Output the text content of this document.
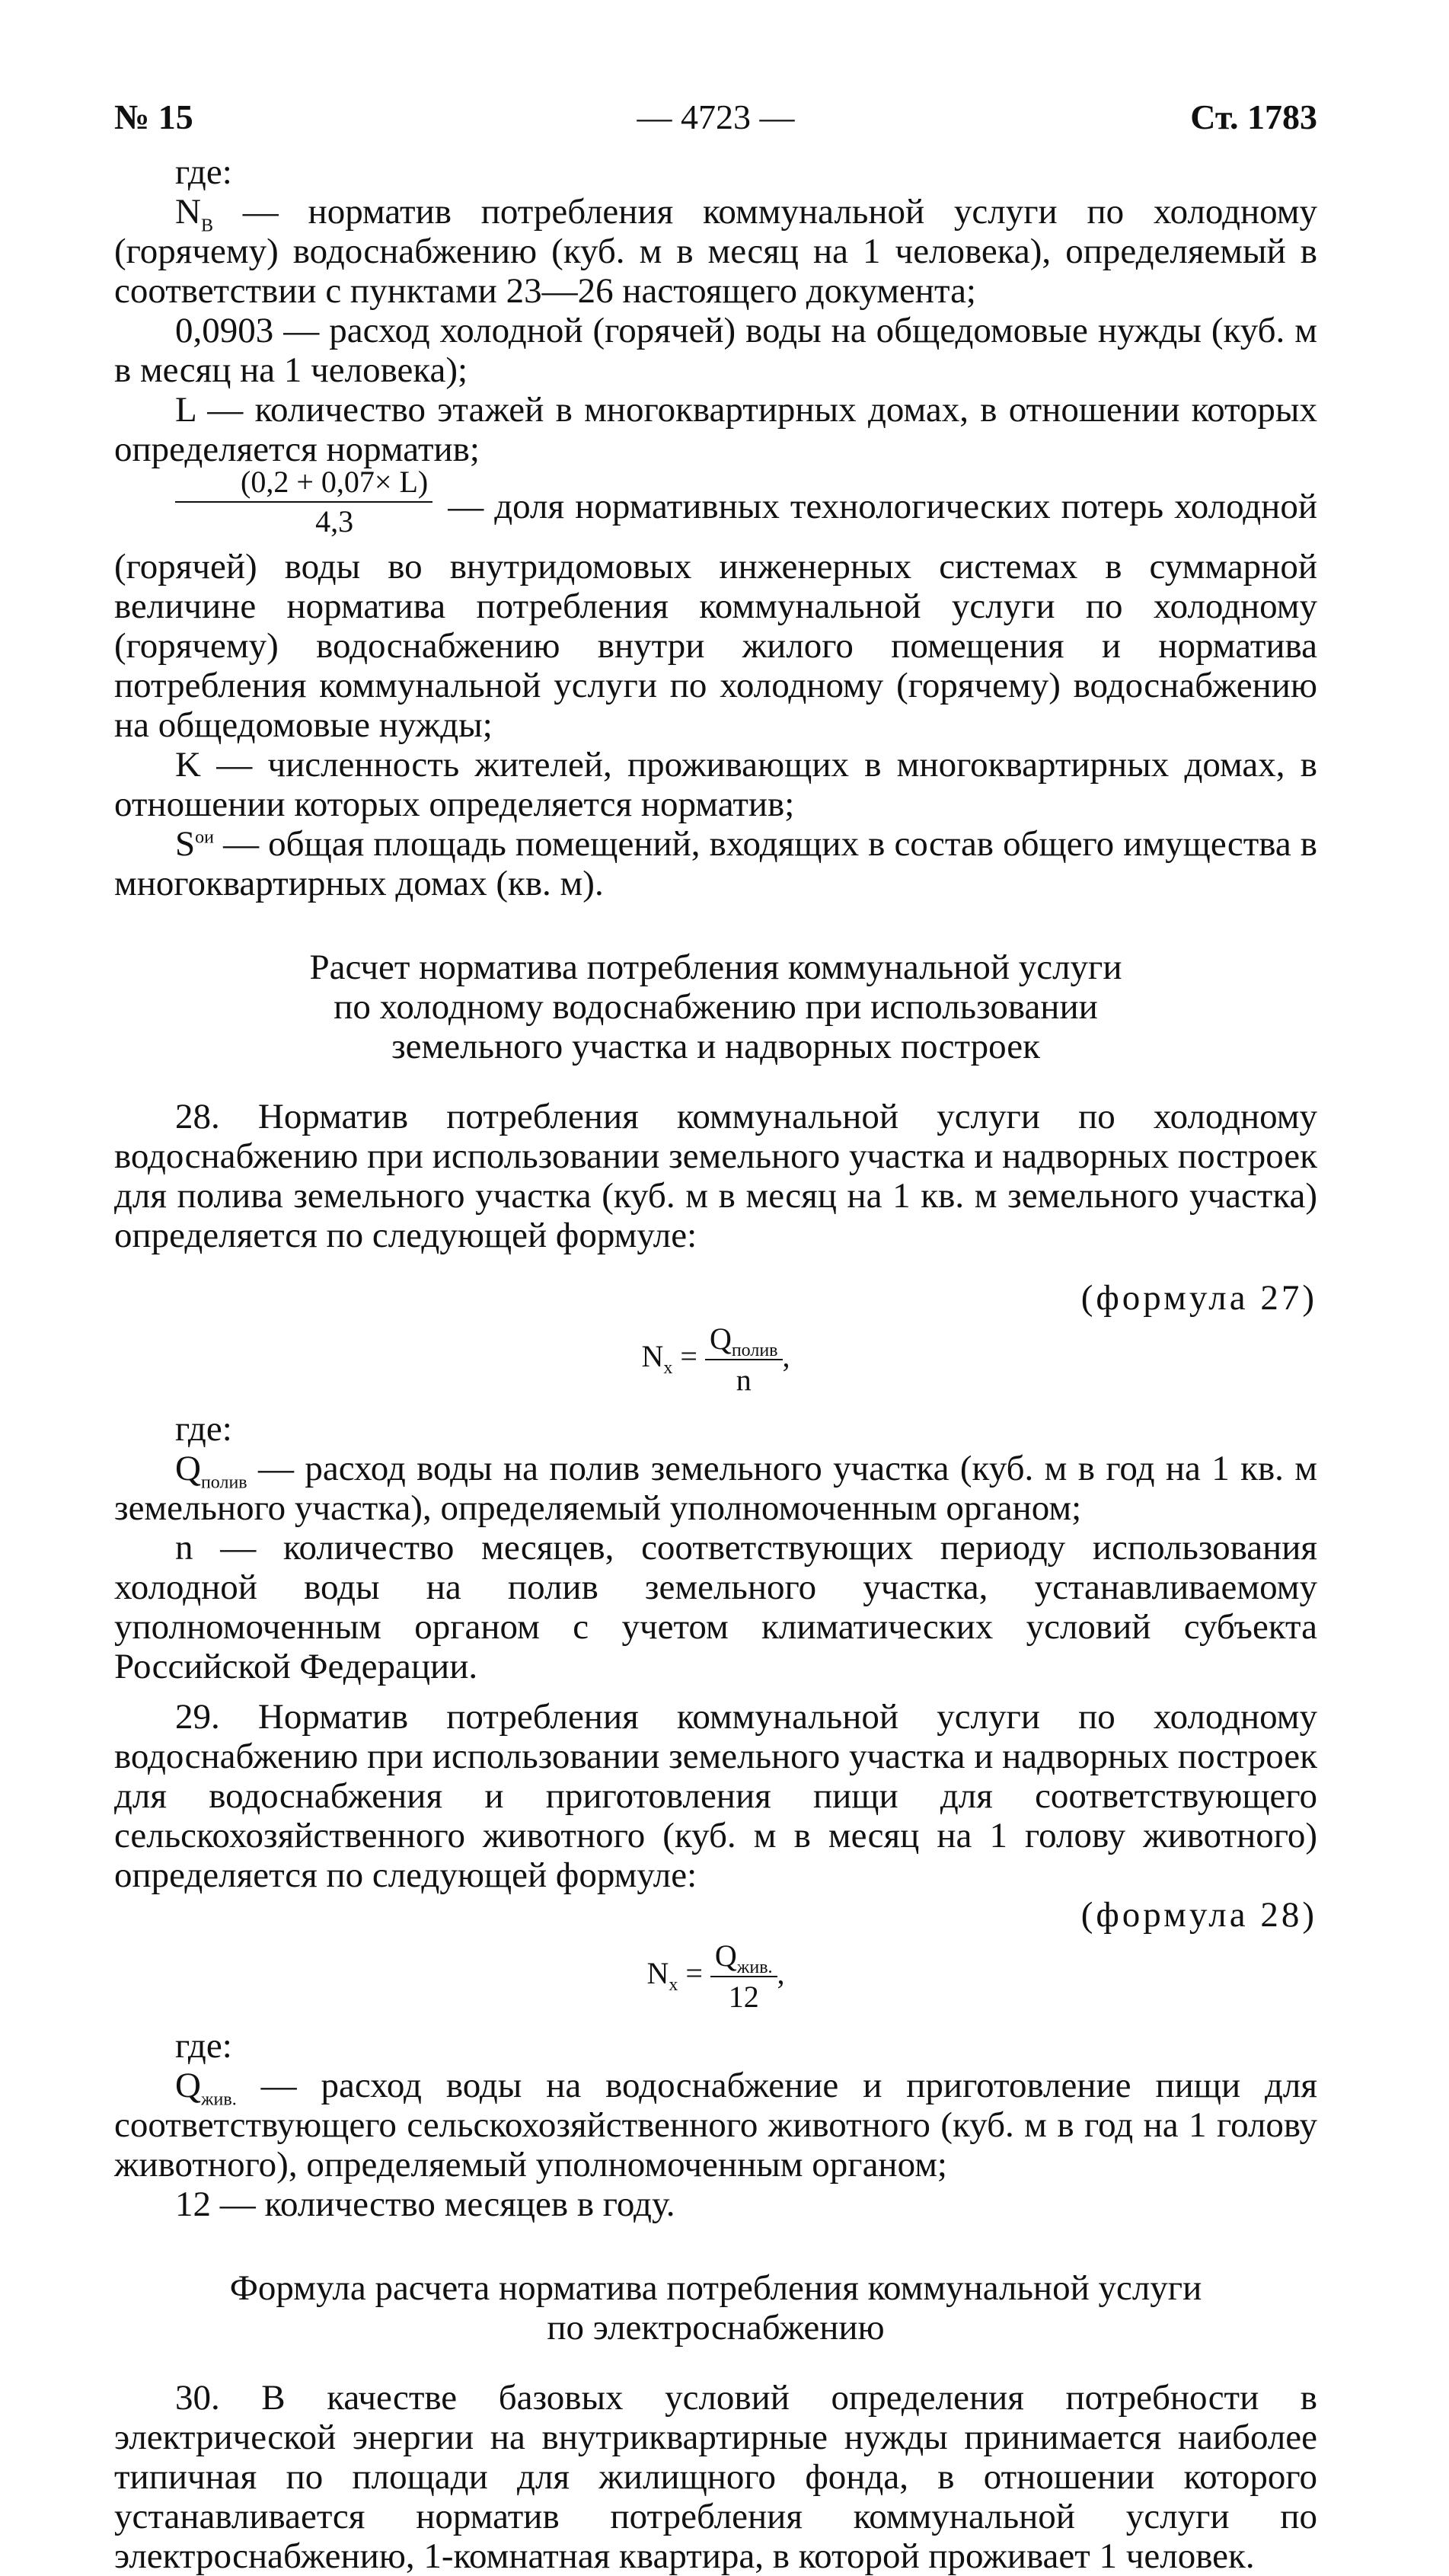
№ 15	— 4723 —	Ст. 1783

где:

$N_В$ — норматив потребления коммунальной услуги по холодному (горячему) водоснабжению (куб. м в месяц на 1 человека), определяемый в соответствии с пунктами 23—26 настоящего документа;

0,0903 — расход холодной (горячей) воды на общедомовые нужды (куб. м в месяц на 1 человека);

L — количество этажей в многоквартирных домах, в отношении которых определяется норматив;

$\frac{(0,2 + 0,07\times L)}{4,3}$ — доля нормативных технологических потерь холодной (горячей) воды во внутридомовых инженерных системах в суммарной величине норматива потребления коммунальной услуги по холодному (горячему) водоснабжению внутри жилого помещения и норматива потребления коммунальной услуги по холодному (горячему) водоснабжению на общедомовые нужды;

K — численность жителей, проживающих в многоквартирных домах, в отношении которых определяется норматив;

$S^{ои}$ — общая площадь помещений, входящих в состав общего имущества в многоквартирных домах (кв. м).

Расчет норматива потребления коммунальной услуги

по холодному водоснабжению при использовании

земельного участка и надворных построек

28. Норматив потребления коммунальной услуги по холодному водоснабжению при использовании земельного участка и надворных построек для полива земельного участка (куб. м в месяц на 1 кв. м земельного участка) определяется по следующей формуле:

(формула 27)

$N_x = \frac{Q_{полив}}{n}$ ,

где:

$Q_{полив}$ — расход воды на полив земельного участка (куб. м в год на 1 кв. м земельного участка), определяемый уполномоченным органом;

n — количество месяцев, соответствующих периоду использования холодной воды на полив земельного участка, устанавливаемому уполномоченным органом с учетом климатических условий субъекта Российской Федерации.

29. Норматив потребления коммунальной услуги по холодному водоснабжению при использовании земельного участка и надворных построек для водоснабжения и приготовления пищи для соответствующего сельскохозяйственного животного (куб. м в месяц на 1 голову животного) определяется по следующей формуле:

(формула 28)

$N_x = \frac{Q_{жив.}}{12}$ ,

где:

$Q_{жив.}$ — расход воды на водоснабжение и приготовление пищи для соответствующего сельскохозяйственного животного (куб. м в год на 1 голову животного), определяемый уполномоченным органом;

12 — количество месяцев в году.

Формула расчета норматива потребления коммунальной услуги

по электроснабжению

30. В качестве базовых условий определения потребности в электрической энергии на внутриквартирные нужды принимается наиболее типичная по площади для жилищного фонда, в отношении которого устанавливается норматив потребления коммунальной услуги по электроснабжению, 1-комнатная квартира, в которой проживает 1 человек.
